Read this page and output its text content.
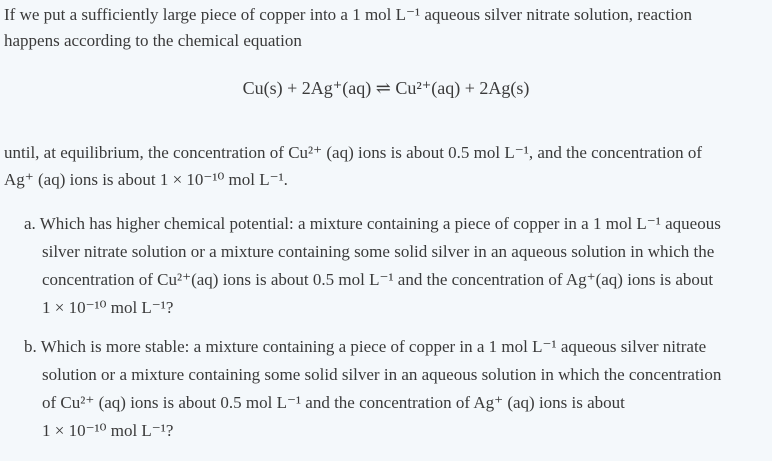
If we put a sufficiently large piece of copper into a 1 mol L⁻¹ aqueous silver nitrate solution, reaction
happens according to the chemical equation
Cu(s) + 2Ag⁺(aq) ⇌ Cu²⁺(aq) + 2Ag(s)
until, at equilibrium, the concentration of Cu²⁺ (aq) ions is about 0.5 mol L⁻¹, and the concentration of
Ag⁺ (aq) ions is about 1 × 10⁻¹⁰ mol L⁻¹.
a. Which has higher chemical potential: a mixture containing a piece of copper in a 1 mol L⁻¹ aqueous
silver nitrate solution or a mixture containing some solid silver in an aqueous solution in which the
concentration of Cu²⁺(aq) ions is about 0.5 mol L⁻¹ and the concentration of Ag⁺(aq) ions is about
1 × 10⁻¹⁰ mol L⁻¹?
b. Which is more stable: a mixture containing a piece of copper in a 1 mol L⁻¹ aqueous silver nitrate
solution or a mixture containing some solid silver in an aqueous solution in which the concentration
of Cu²⁺ (aq) ions is about 0.5 mol L⁻¹ and the concentration of Ag⁺ (aq) ions is about
1 × 10⁻¹⁰ mol L⁻¹?
